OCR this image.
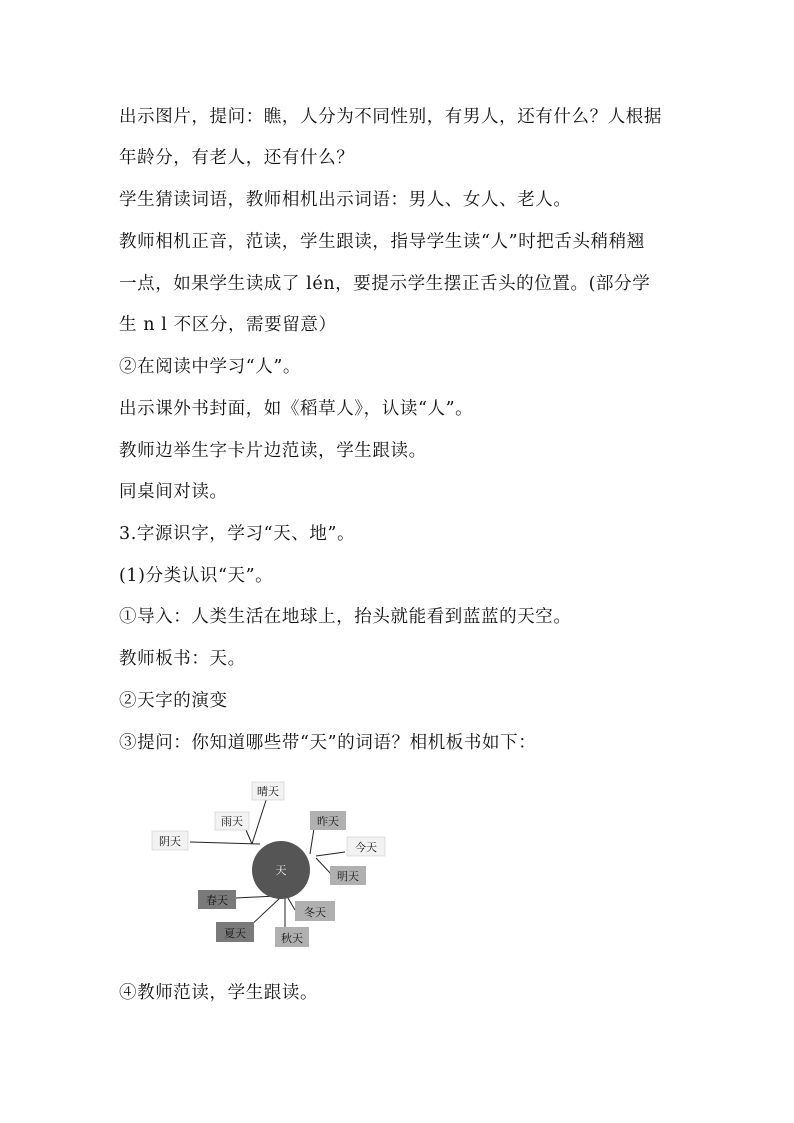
出示图片，提问：瞧，人分为不同性别，有男人，还有什么？人根据
年龄分，有老人，还有什么？
学生猜读词语，教师相机出示词语：男人、女人、老人。
教师相机正音，范读，学生跟读，指导学生读“人”时把舌头稍稍翘
一点，如果学生读成了 lén，要提示学生摆正舌头的位置。(部分学
生 n l 不区分，需要留意）
②在阅读中学习“人”。
出示课外书封面，如《稻草人》，认读“人”。
教师边举生字卡片边范读，学生跟读。
同桌间对读。
3.字源识字，学习“天、地”。
(1)分类认识“天”。
①导入：人类生活在地球上，抬头就能看到蓝蓝的天空。
教师板书：天。
②天字的演变
③提问：你知道哪些带“天”的词语？相机板书如下：
天
晴天
雨天
阴天
昨天
今天
明天
春天
夏天	秋天
冬天
④教师范读，学生跟读。
